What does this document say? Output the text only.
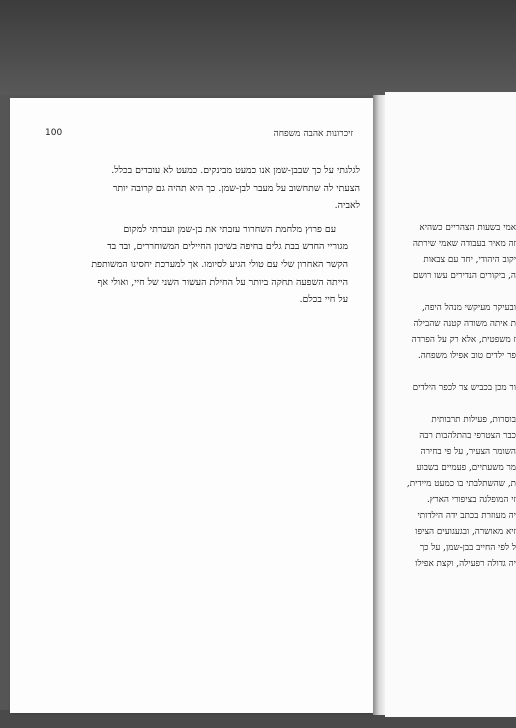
זיכרונות אהבה משפחה
100

לגלגתי על כך שבבן-שמן אנו כמעט מבינקים. כמעט לא עובדים בכלל.
הצעתי לה שתחשוב על מעבר לבן-שמן. כך היא תהיה גם קרובה יותר
לאביה.

עם פרוץ מלחמת השחרור עזבתי את בן-שמן ועברתי למקום
מגוריי החדש בבת גלים בחיפה בשיכון החיילים המשוחררים, ובד בד
הקשר האחרון שלי עם טולי הגיע לסיומו. אך למערכת יחסינו המשותפת
הייתה השפעה תחקה ביותר על החילת העשור השני של חיי, ואולי אף
על חיי בכלם.

אמי בשעות הצהריים כשהיא
זה מאיר בעבודה שאמי שירתה
יקוב היהודי, יחד עם צבאות
ה, ביקורים הנדירים עשו רושם
ובעיקר מעיקשי מנהל היפה,
ת איתה משודה קטנה שהבילה
ז משפטית, אלא רק על הפרדה
פר ילדים טוב אפילו משפחה.
ור מכן בכביש צר לכפר הילדים
בוסרות, פעילות תרבותית
כבר הצטרפי בהתלהבות רבה
השומר הצעיר, על פי בחירה
מר משעתיים, פעמיים בשבוע
ת, שהשתלבתי בו כמעט מיידית,
זי המופלגה בציפורי הארץ.
יה מעוזרת בכתב ידה הילדותי
זיא מאושרה, ובגעגועים הציפו
ל לפי החייב בבן-שמן, על כך
יה גדולה רפעילה, וקצת אפילו
